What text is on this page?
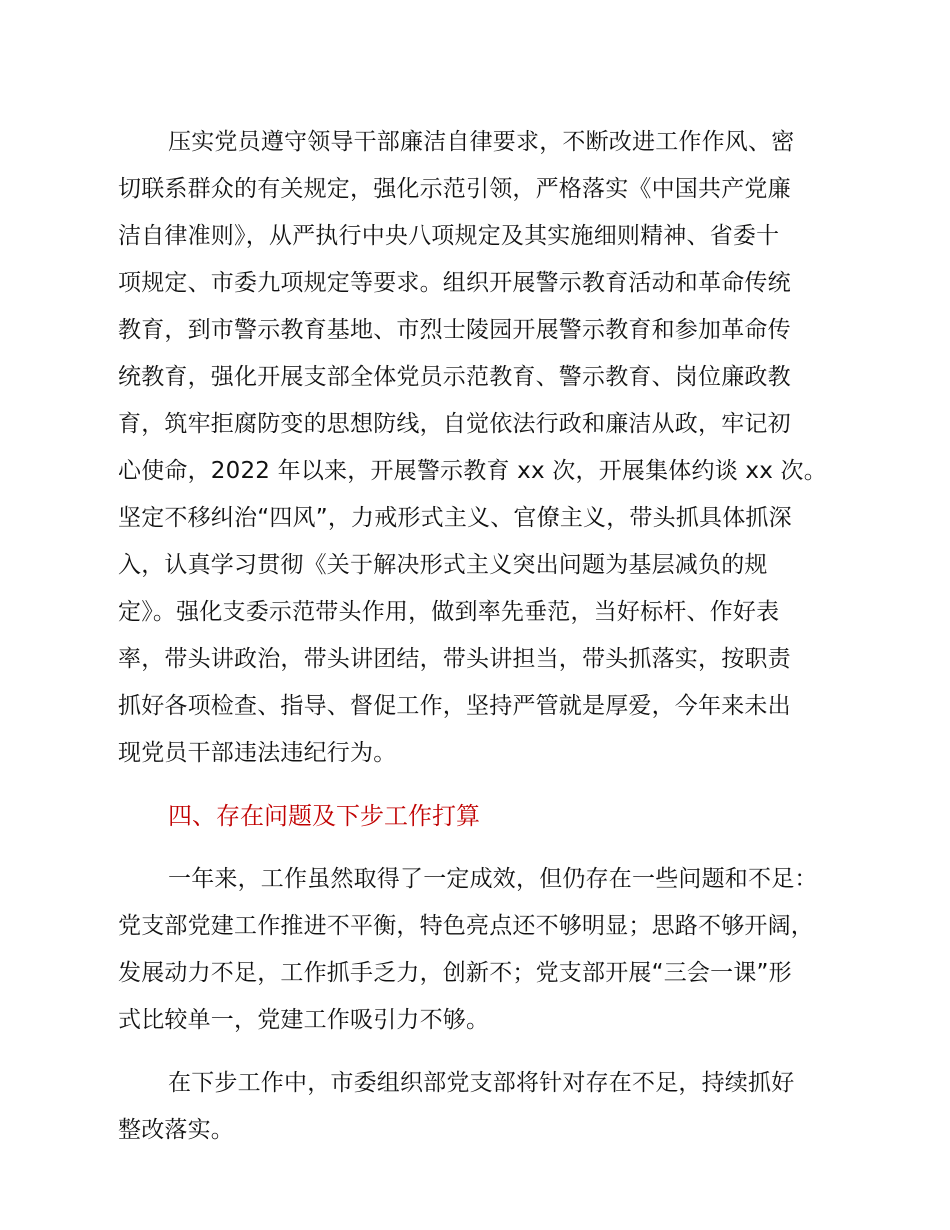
压实党员遵守领导干部廉洁自律要求，不断改进工作作风、密
切联系群众的有关规定，强化示范引领，严格落实《中国共产党廉
洁自律准则》，从严执行中央八项规定及其实施细则精神、省委十
项规定、市委九项规定等要求。组织开展警示教育活动和革命传统
教育，到市警示教育基地、市烈士陵园开展警示教育和参加革命传
统教育，强化开展支部全体党员示范教育、警示教育、岗位廉政教
育，筑牢拒腐防变的思想防线，自觉依法行政和廉洁从政，牢记初
心使命，2022 年以来，开展警示教育 xx 次，开展集体约谈 xx 次。
坚定不移纠治“四风”，力戒形式主义、官僚主义，带头抓具体抓深
入，认真学习贯彻《关于解决形式主义突出问题为基层减负的规
定》。强化支委示范带头作用，做到率先垂范，当好标杆、作好表
率，带头讲政治，带头讲团结，带头讲担当，带头抓落实，按职责
抓好各项检查、指导、督促工作，坚持严管就是厚爱，今年来未出
现党员干部违法违纪行为。
四、存在问题及下步工作打算
一年来，工作虽然取得了一定成效，但仍存在一些问题和不足：
党支部党建工作推进不平衡，特色亮点还不够明显；思路不够开阔，
发展动力不足，工作抓手乏力，创新不；党支部开展“三会一课”形
式比较单一，党建工作吸引力不够。
在下步工作中，市委组织部党支部将针对存在不足，持续抓好
整改落实。
